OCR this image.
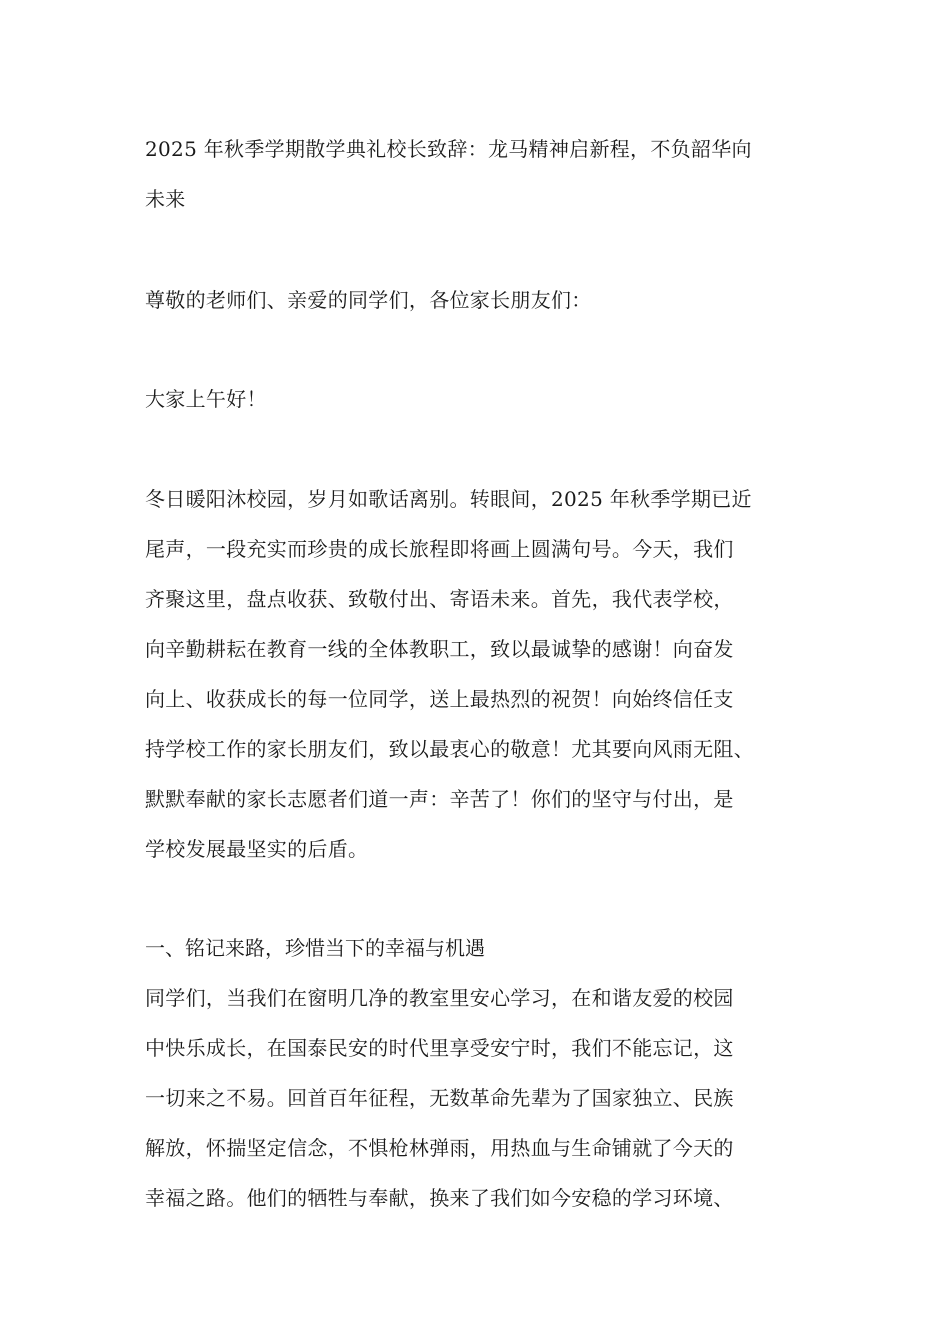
2025 年秋季学期散学典礼校长致辞：龙马精神启新程，不负韶华向
未来
尊敬的老师们、亲爱的同学们，各位家长朋友们：
大家上午好！
冬日暖阳沐校园，岁月如歌话离别。转眼间，2025 年秋季学期已近
尾声，一段充实而珍贵的成长旅程即将画上圆满句号。今天，我们
齐聚这里，盘点收获、致敬付出、寄语未来。首先，我代表学校，
向辛勤耕耘在教育一线的全体教职工，致以最诚挚的感谢！向奋发
向上、收获成长的每一位同学，送上最热烈的祝贺！向始终信任支
持学校工作的家长朋友们，致以最衷心的敬意！尤其要向风雨无阻、
默默奉献的家长志愿者们道一声：辛苦了！你们的坚守与付出，是
学校发展最坚实的后盾。
一、铭记来路，珍惜当下的幸福与机遇
同学们，当我们在窗明几净的教室里安心学习，在和谐友爱的校园
中快乐成长，在国泰民安的时代里享受安宁时，我们不能忘记，这
一切来之不易。回首百年征程，无数革命先辈为了国家独立、民族
解放，怀揣坚定信念，不惧枪林弹雨，用热血与生命铺就了今天的
幸福之路。他们的牺牲与奉献，换来了我们如今安稳的学习环境、
